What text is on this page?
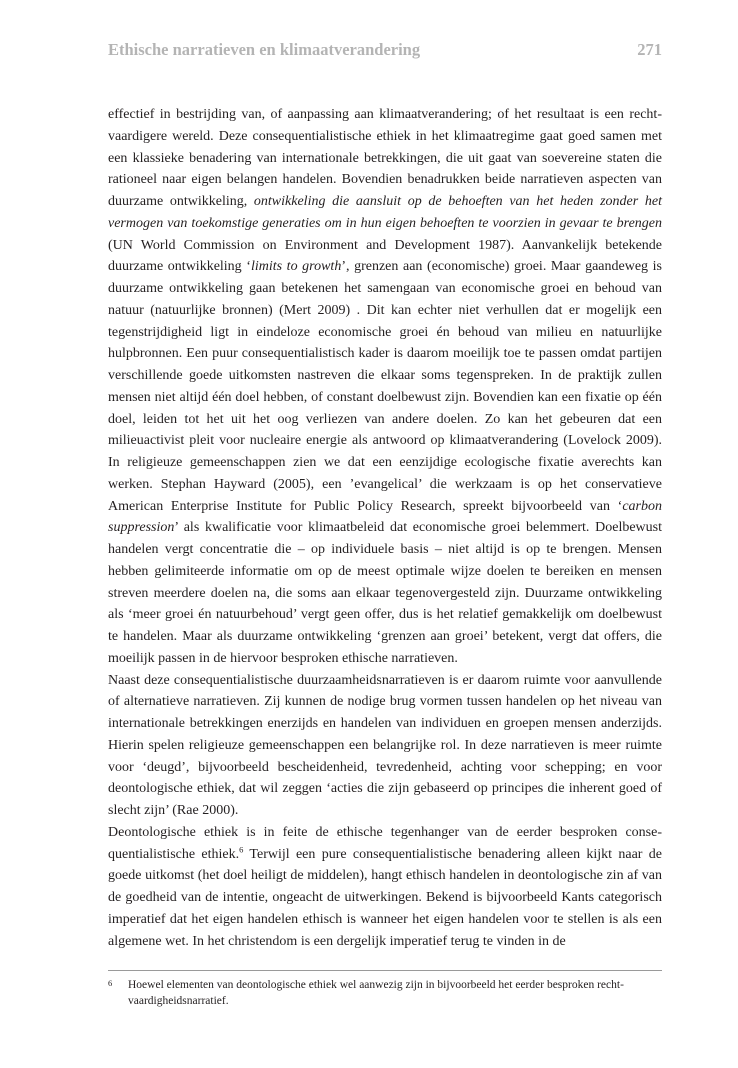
Ethische narratieven en klimaatverandering	271

effectief in bestrijding van, of aanpassing aan klimaatverandering; of het resultaat is een rechtvaardigere wereld. Deze consequentialistische ethiek in het klimaatregime gaat goed samen met een klassieke benadering van internationale betrekkingen, die uit gaat van soevereine staten die rationeel naar eigen belangen handelen. Bovendien benadrukken beide narratieven aspecten van duurzame ontwikkeling, ontwikkeling die aansluit op de behoeften van het heden zonder het vermogen van toekomstige generaties om in hun eigen behoeften te voorzien in gevaar te brengen (UN World Commission on Environment and Development 1987). Aanvankelijk betekende duurzame ontwikkeling ‘limits to growth’, grenzen aan (economische) groei. Maar gaandeweg is duurzame ontwikkeling gaan betekenen het samengaan van economische groei en behoud van natuur (natuurlijke bronnen) (Mert 2009) . Dit kan echter niet verhullen dat er mogelijk een tegenstrijdigheid ligt in eindeloze economische groei én behoud van milieu en natuurlijke hulpbronnen. Een puur consequentialistisch kader is daarom moeilijk toe te passen omdat partijen verschillende goede uitkomsten nastreven die elkaar soms tegenspreken. In de praktijk zullen mensen niet altijd één doel hebben, of constant doelbewust zijn. Bovendien kan een fixatie op één doel, leiden tot het uit het oog verliezen van andere doelen. Zo kan het gebeuren dat een milieuactivist pleit voor nucleaire energie als antwoord op klimaatverandering (Lovelock 2009). In religieuze gemeenschappen zien we dat een eenzijdige ecologische fixatie averechts kan werken. Stephan Hayward (2005), een ’evangelical’ die werkzaam is op het conservatieve American Enterprise Institute for Public Policy Research, spreekt bijvoorbeeld van ‘carbon suppression’ als kwalificatie voor klimaatbeleid dat economische groei belemmert. Doelbewust handelen vergt concentratie die – op individuele basis – niet altijd is op te brengen. Mensen hebben gelimiteerde informatie om op de meest optimale wijze doelen te bereiken en mensen streven meerdere doelen na, die soms aan elkaar tegenovergesteld zijn. Duurzame ontwikkeling als ‘meer groei én natuurbehoud’ vergt geen offer, dus is het relatief gemakkelijk om doelbewust te handelen. Maar als duurzame ontwikkeling ‘grenzen aan groei’ betekent, vergt dat offers, die moeilijk passen in de hiervoor besproken ethische narratieven.

Naast deze consequentialistische duurzaamheidsnarratieven is er daarom ruimte voor aanvullende of alternatieve narratieven. Zij kunnen de nodige brug vormen tussen handelen op het niveau van internationale betrekkingen enerzijds en handelen van individuen en groepen mensen anderzijds. Hierin spelen religieuze gemeenschappen een belangrijke rol. In deze narratieven is meer ruimte voor ‘deugd’, bijvoorbeeld bescheidenheid, tevredenheid, achting voor schepping; en voor deontologische ethiek, dat wil zeggen ‘acties die zijn gebaseerd op principes die inherent goed of slecht zijn’ (Rae 2000).

Deontologische ethiek is in feite de ethische tegenhanger van de eerder besproken consequentialistische ethiek.$^6$ Terwijl een pure consequentialistische benadering alleen kijkt naar de goede uitkomst (het doel heiligt de middelen), hangt ethisch handelen in deontologische zin af van de goedheid van de intentie, ongeacht de uitwerkingen. Bekend is bijvoorbeeld Kants categorisch imperatief dat het eigen handelen ethisch is wanneer het eigen handelen voor te stellen is als een algemene wet. In het christendom is een dergelijk imperatief terug te vinden in de

6	Hoewel elementen van deontologische ethiek wel aanwezig zijn in bijvoorbeeld het eerder besproken rechtvaardigheidsnarratief.
